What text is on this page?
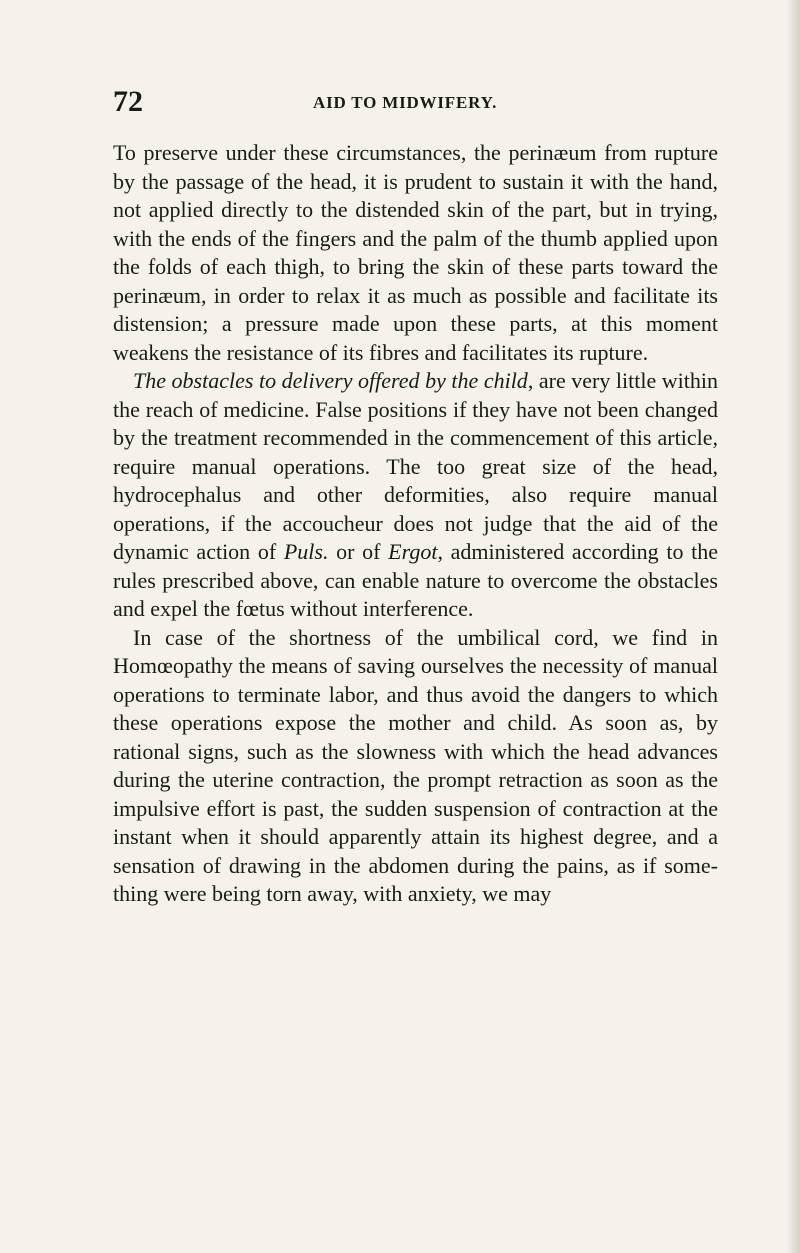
72	AID TO MIDWIFERY.

To preserve under these circumstances, the perinæum from rupture by the passage of the head, it is prudent to sustain it with the hand, not applied directly to the distended skin of the part, but in trying, with the ends of the fingers and the palm of the thumb applied upon the folds of each thigh, to bring the skin of these parts toward the perinæum, in order to relax it as much as possible and facilitate its distension; a pressure made upon these parts, at this moment weakens the resistance of its fibres and facilitates its rupture.

The obstacles to delivery offered by the child, are very little within the reach of medicine. False positions if they have not been changed by the treatment recommended in the commencement of this article, require manual operations. The too great size of the head, hydrocephalus and other deformities, also require manual operations, if the accoucheur does not judge that the aid of the dynamic action of Puls. or of Ergot, administered according to the rules prescribed above, can enable nature to overcome the obstacles and expel the fœtus without interference.

In case of the shortness of the umbilical cord, we find in Homœopathy the means of saving ourselves the necessity of manual operations to terminate labor, and thus avoid the dangers to which these operations expose the mother and child. As soon as, by rational signs, such as the slowness with which the head advances during the uterine contraction, the prompt retraction as soon as the impulsive effort is past, the sudden suspension of contraction at the instant when it should apparently attain its highest degree, and a sensation of drawing in the abdomen during the pains, as if something were being torn away, with anxiety, we may
